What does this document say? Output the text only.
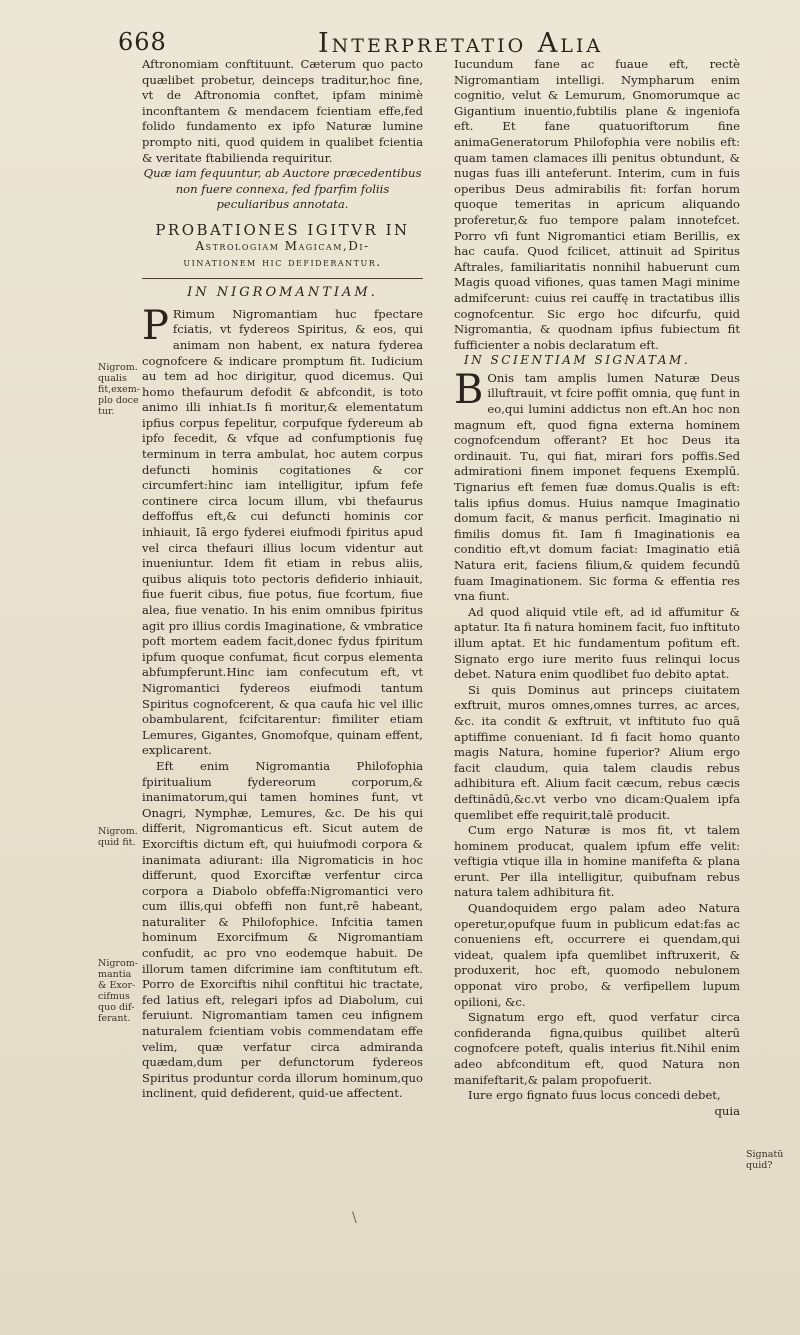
668	Interpretatio Alia
Nigrom. qualis fit,exem-plo doce tur.
Nigrom. quid fit.
Nigrom-mantia & Exor-cifmus quo dif-ferant.
Signatū quid?

Aftronomiam conftituunt. Cæterum quo pacto quælibet probetur, deinceps traditur,hoc fine, vt de Aftronomia conftet, ipfam minimè inconftantem & mendacem fcientiam effe,fed folido fundamento ex ipfo Naturæ lumine prompto niti, quod quidem in qualibet fcientia & veritate ftabilienda requiritur.

Quæ iam fequuntur, ab Auctore præcedentibus non fuere connexa, fed fparfim foliis peculiaribus annotata.

PROBATIONES IGITVR IN

Astrologiam Magicam,Di-

uinationem hic defiderantur.

IN NIGROMANTIAM.

P Rimum Nigromantiam huc fpectare fciatis, vt fydereos Spiritus, & eos, qui animam non habent, ex natura fyderea cognofcere & indicare promptum fit. Iudicium au tem ad hoc dirigitur, quod dicemus. Qui homo thefaurum defodit & abfcondit, is toto animo illi inhiat.Is fi moritur,& elementatum ipfius corpus fepelitur, corpufque fydereum ab ipfo fecedit, & vfque ad confumptionis fuę terminum in terra ambulat, hoc autem corpus defuncti hominis cogitationes & cor circumfert:hinc iam intelligitur, ipfum fefe continere circa locum illum, vbi thefaurus deffoffus eft,& cui defuncti hominis cor inhiauit, Iã ergo fyderei eiufmodi fpiritus apud vel circa thefauri illius locum videntur aut inueniuntur. Idem fit etiam in rebus aliis, quibus aliquis toto pectoris defiderio inhiauit, fiue fuerit cibus, fiue potus, fiue fcortum, fiue alea, fiue venatio. In his enim omnibus fpiritus agit pro illius cordis Imaginatione, & vmbratice poft mortem eadem facit,donec fydus fpiritum ipfum quoque confumat, ficut corpus elementa abfumpferunt.Hinc iam confecutum eft, vt Nigromantici fydereos eiufmodi tantum Spiritus cognofcerent, & qua caufa hic vel illic obambularent, fcifcitarentur: fimiliter etiam Lemures, Gigantes, Gnomofque, quinam effent, explicarent.

Eft enim Nigromantia Philofophia fpiritualium fydereorum corporum,& inanimatorum,qui tamen homines funt, vt Onagri, Nymphæ, Lemures, &c. De his qui differit, Nigromanticus eft. Sicut autem de Exorciftis dictum eft, qui huiufmodi corpora & inanimata adiurant: illa Nigromaticis in hoc differunt, quod Exorciftæ verfentur circa corpora a Diabolo obfeffa:Nigromantici vero cum illis,qui obfeffi non funt,rē habeant, naturaliter & Philofophice. Infcitia tamen hominum Exorcifmum & Nigromantiam confudit, ac pro vno eodemque habuit. De illorum tamen difcrimine iam conftitutum eft. Porro de Exorciftis nihil conftitui hic tractate, fed latius eft, relegari ipfos ad Diabolum, cui feruiunt. Nigromantiam tamen ceu infignem naturalem fcientiam vobis commendatam effe velim, quæ verfatur circa admiranda quædam,dum per defunctorum fydereos Spiritus produntur corda illorum hominum,quo inclinent, quid defiderent, quid-ue affectent.

Iucundum fane ac fuaue eft, rectè Nigromantiam intelligi. Nympharum enim cognitio, velut & Lemurum, Gnomorumque ac Gigantium inuentio,fubtilis plane & ingeniofa eft. Et fane quatuoriftorum fine animaGeneratorum Philofophia vere nobilis eft: quam tamen clamaces illi penitus obtundunt, & nugas fuas illi anteferunt. Interim, cum in fuis operibus Deus admirabilis fit: forfan horum quoque temeritas in apricum aliquando proferetur,& fuo tempore palam innotefcet. Porro vfi funt Nigromantici etiam Berillis, ex hac caufa. Quod fcilicet, attinuit ad Spiritus Aftrales, familiaritatis nonnihil habuerunt cum Magis quoad vifiones, quas tamen Magi minime admifcerunt: cuius rei cauffę in tractatibus illis cognofcentur. Sic ergo hoc difcurfu, quid Nigromantia, & quodnam ipfius fubiectum fit fufficienter a nobis declaratum eft.

IN SCIENTIAM SIGNATAM.

B Onis tam amplis lumen Naturæ Deus illuftrauit, vt fcire poffit omnia, quę funt in eo,qui lumini addictus non eft.An hoc non magnum eft, quod figna externa hominem cognofcendum offerant? Et hoc Deus ita ordinauit. Tu, qui fiat, mirari fors poffis.Sed admirationi finem imponet fequens Exemplū. Tignarius eft femen fuæ domus.Qualis is eft: talis ipfius domus. Huius namque Imaginatio domum facit, & manus perficit. Imaginatio ni fimilis domus fit. Iam fi Imaginationis ea conditio eft,vt domum faciat: Imaginatio etiā Natura erit, faciens filium,& quidem fecundū fuam Imaginationem. Sic forma & effentia res vna fiunt.

Ad quod aliquid vtile eft, ad id affumitur & aptatur. Ita fi natura hominem facit, fuo inftituto illum aptat. Et hic fundamentum pofitum eft. Signato ergo iure merito fuus relinqui locus debet. Natura enim quodlibet fuo debito aptat.

Si quis Dominus aut princeps ciuitatem exftruit, muros omnes,omnes turres, ac arces, &c. ita condit & exftruit, vt inftituto fuo quā aptiffime conueniant. Id fi facit homo quanto magis Natura, homine fuperior? Alium ergo facit claudum, quia talem claudis rebus adhibitura eft. Alium facit cæcum, rebus cæcis deftinādū,&c.vt verbo vno dicam:Qualem ipfa quemlibet effe requirit,talē producit.

Cum ergo Naturæ is mos fit, vt talem hominem producat, qualem ipfum effe velit: veftigia vtique illa in homine manifefta & plana erunt. Per illa intelligitur, quibufnam rebus natura talem adhibitura fit.

Quandoquidem ergo palam adeo Natura operetur,opufque fuum in publicum edat:fas ac conueniens eft, occurrere ei quendam,qui videat, qualem ipfa quemlibet inftruxerit, & produxerit, hoc eft, quomodo nebulonem opponat viro probo, & verfipellem lupum opilioni, &c.

Signatum ergo eft, quod verfatur circa confideranda figna,quibus quilibet alterū cognofcere poteft, qualis interius fit.Nihil enim adeo abfconditum eft, quod Natura non manifeftarit,& palam propofuerit.

Iure ergo fignato fuus locus concedi debet,

quia

\
